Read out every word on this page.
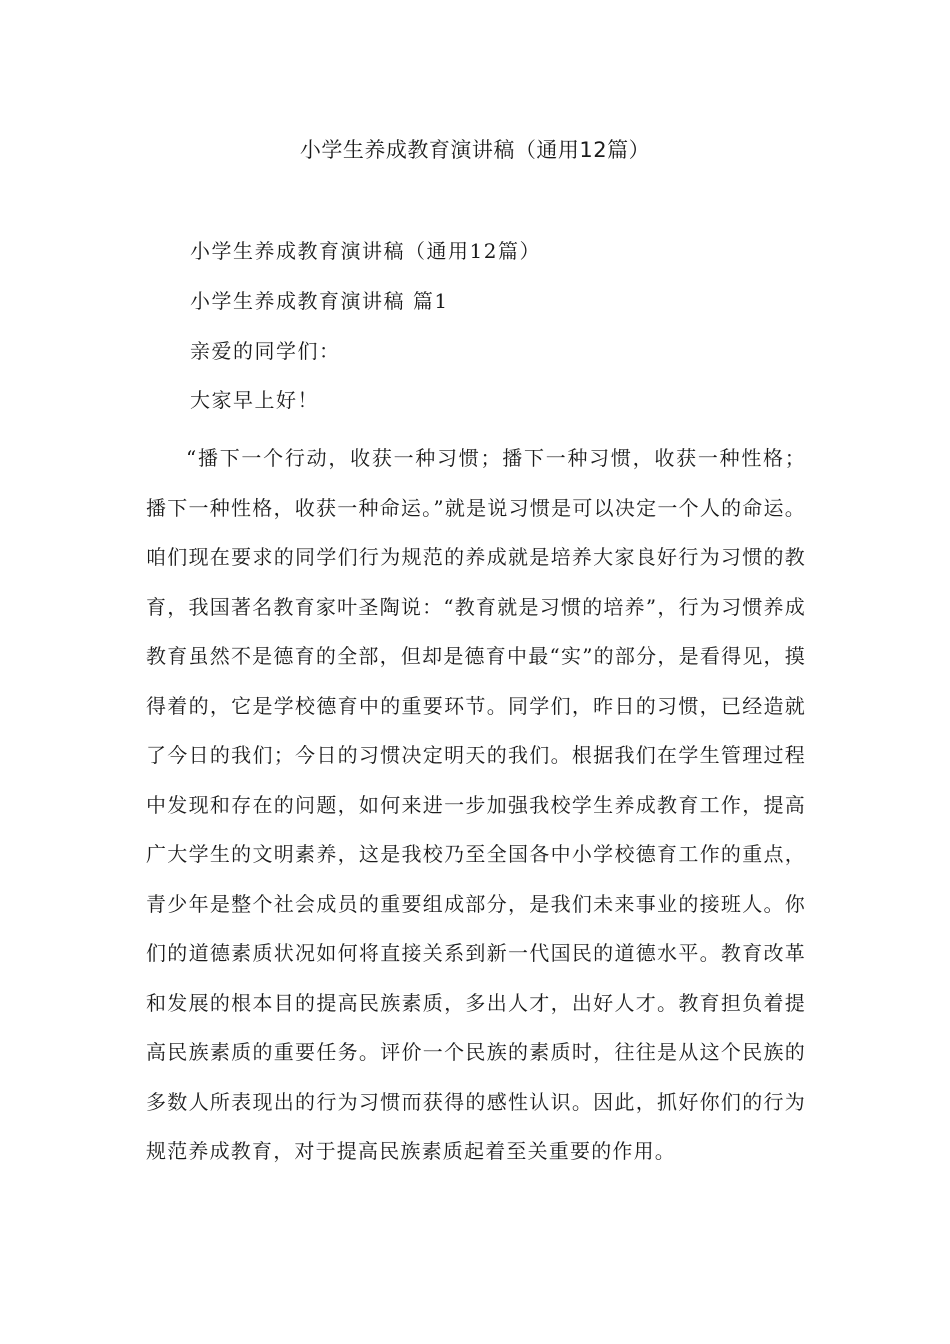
小学生养成教育演讲稿（通用12篇）

小学生养成教育演讲稿（通用12篇）

小学生养成教育演讲稿 篇1

亲爱的同学们：

大家早上好！

“播下一个行动，收获一种习惯；播下一种习惯，收获一种性格；播下一种性格，收获一种命运。”就是说习惯是可以决定一个人的命运。咱们现在要求的同学们行为规范的养成就是培养大家良好行为习惯的教育，我国著名教育家叶圣陶说：“教育就是习惯的培养”，行为习惯养成教育虽然不是德育的全部，但却是德育中最“实”的部分，是看得见，摸得着的，它是学校德育中的重要环节。同学们，昨日的习惯，已经造就了今日的我们；今日的习惯决定明天的我们。根据我们在学生管理过程中发现和存在的问题，如何来进一步加强我校学生养成教育工作，提高广大学生的文明素养，这是我校乃至全国各中小学校德育工作的重点，青少年是整个社会成员的重要组成部分，是我们未来事业的接班人。你们的道德素质状况如何将直接关系到新一代国民的道德水平。教育改革和发展的根本目的提高民族素质，多出人才，出好人才。教育担负着提高民族素质的重要任务。评价一个民族的素质时，往往是从这个民族的多数人所表现出的行为习惯而获得的感性认识。因此，抓好你们的行为规范养成教育，对于提高民族素质起着至关重要的作用。
